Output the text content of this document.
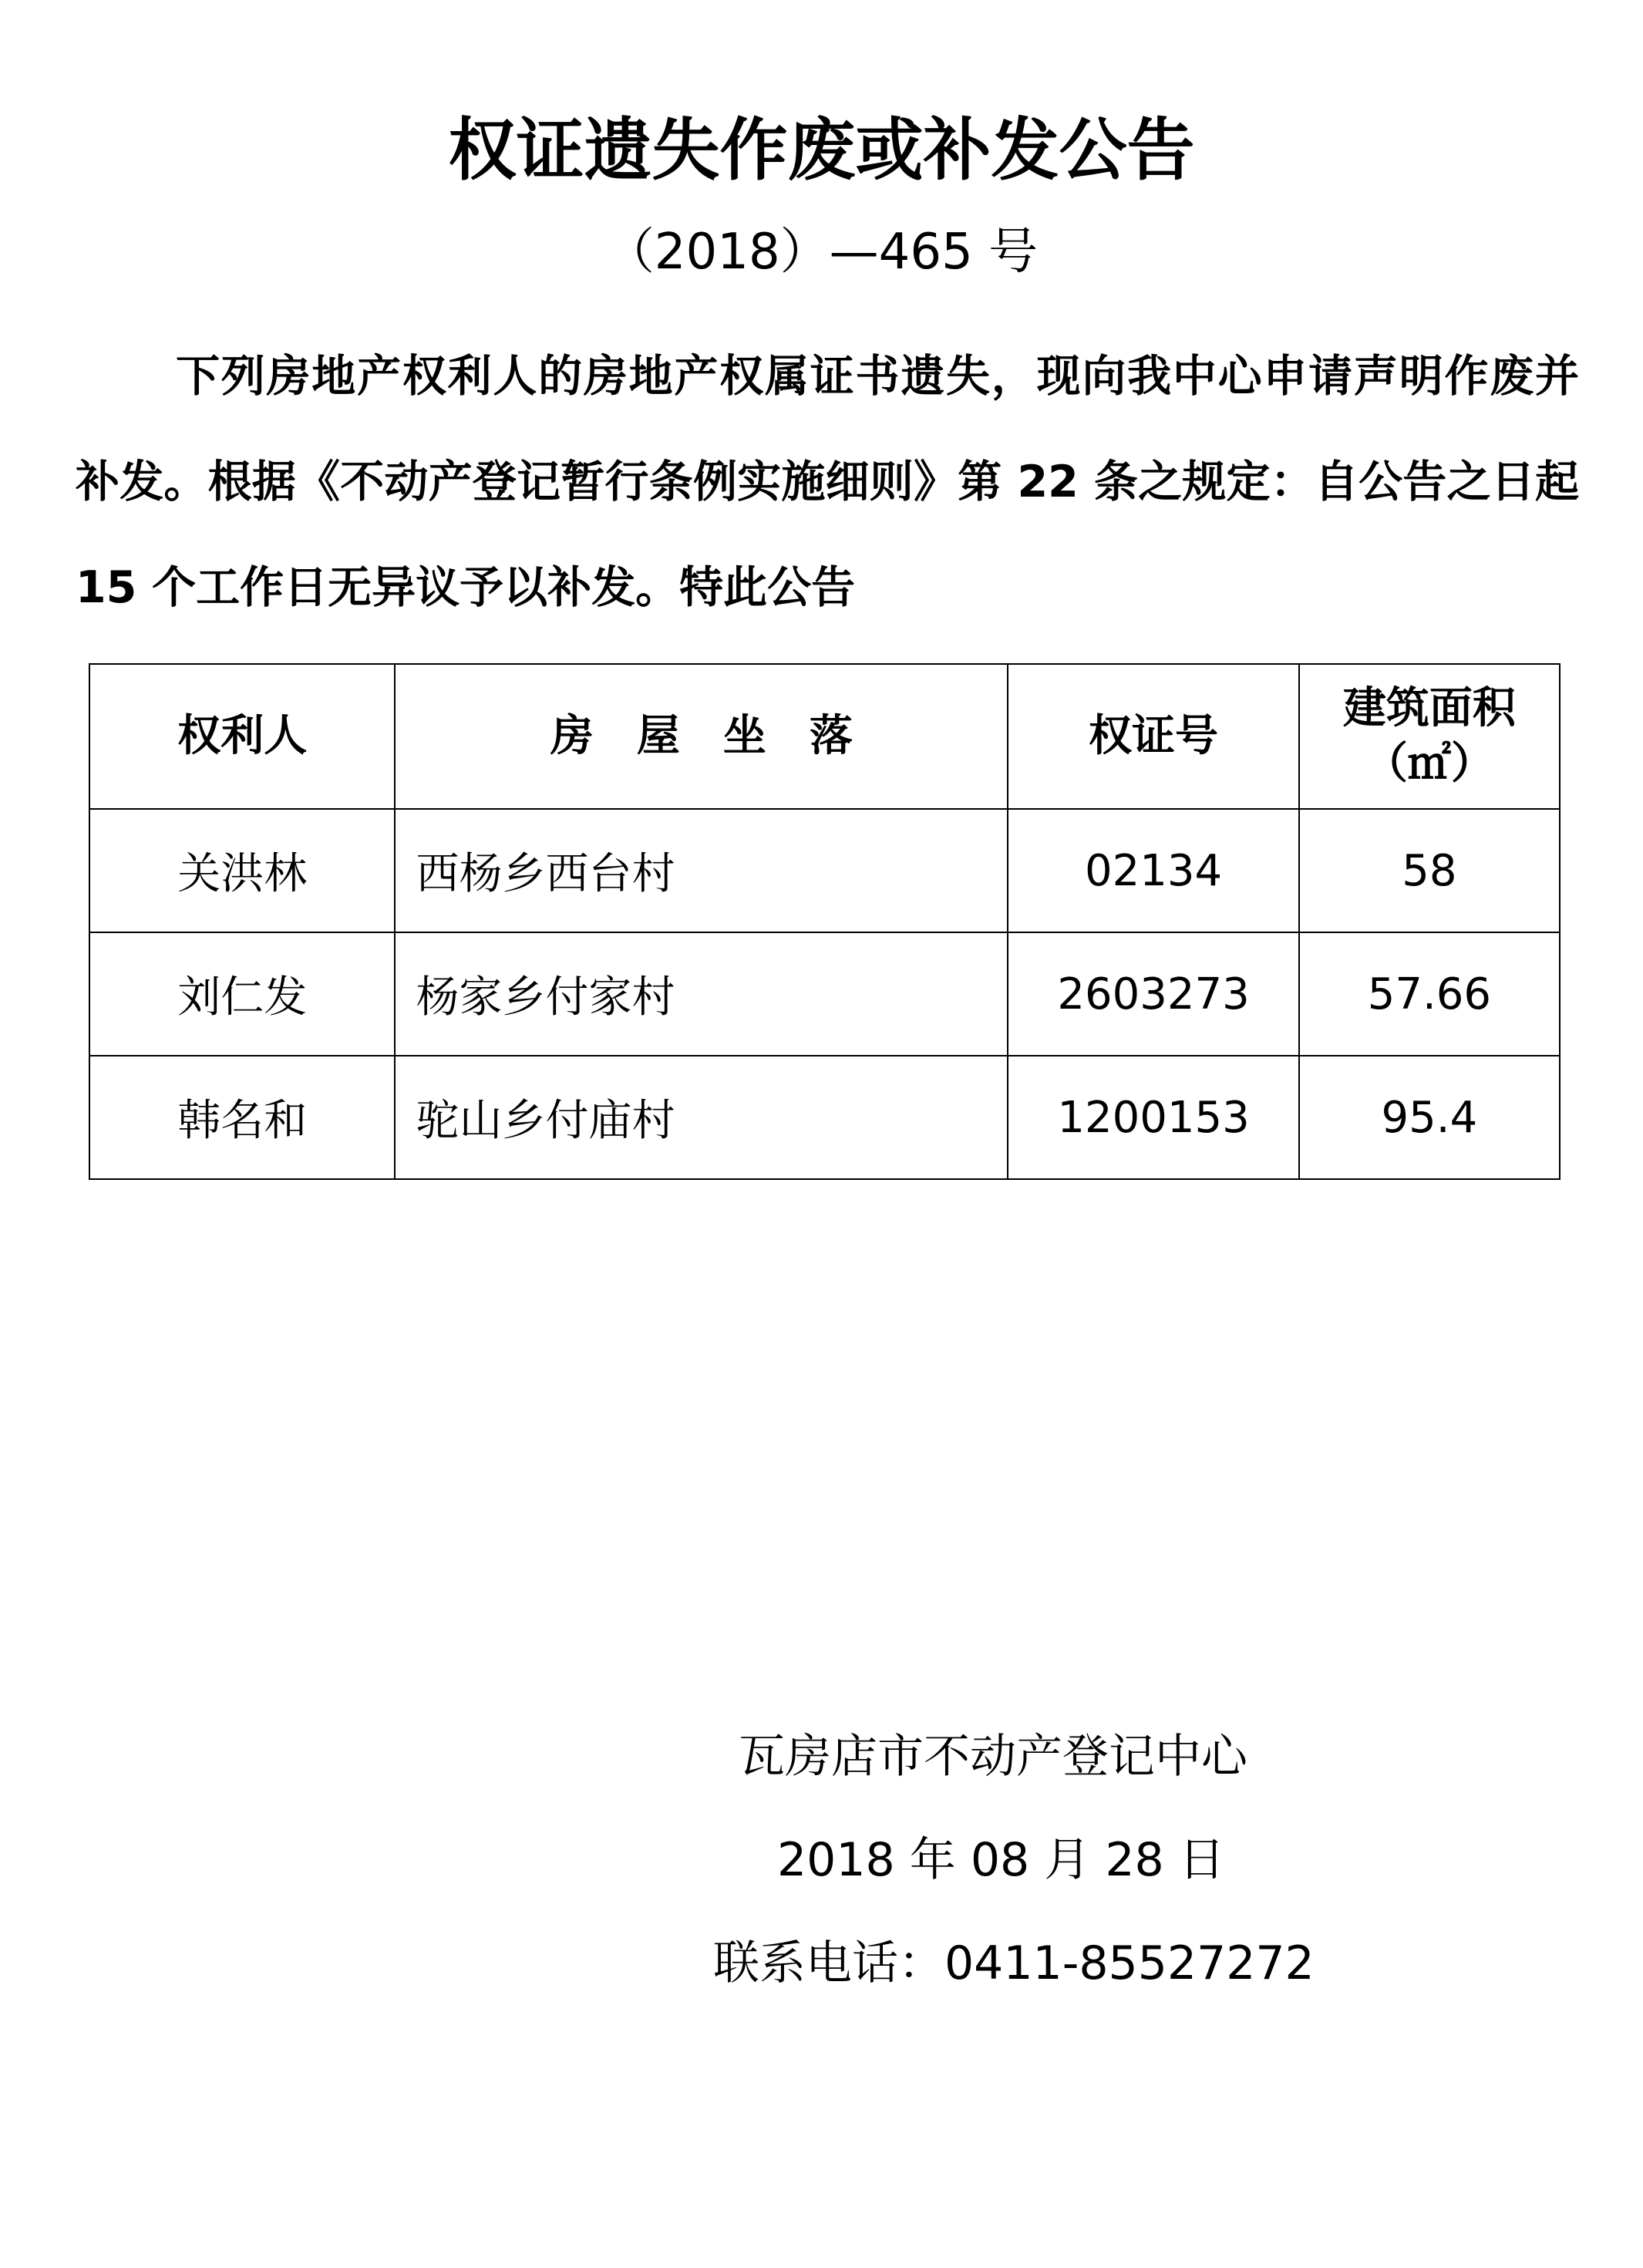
权证遗失作废或补发公告
（2018）—465 号

下列房地产权利人的房地产权属证书遗失，现向我中心申请声明作废并补发。根据《不动产登记暂行条例实施细则》第 22 条之规定：自公告之日起 15 个工作日无异议予以补发。特此公告

权利人	房　屋　坐　落	权证号	建筑面积
（㎡）

关洪林	西杨乡西台村	02134	58
刘仁发	杨家乡付家村	2603273	57.66
韩名和	驼山乡付庙村	1200153	95.4
瓦房店市不动产登记中心
2018 年 08 月 28 日
联系电话：0411-85527272
